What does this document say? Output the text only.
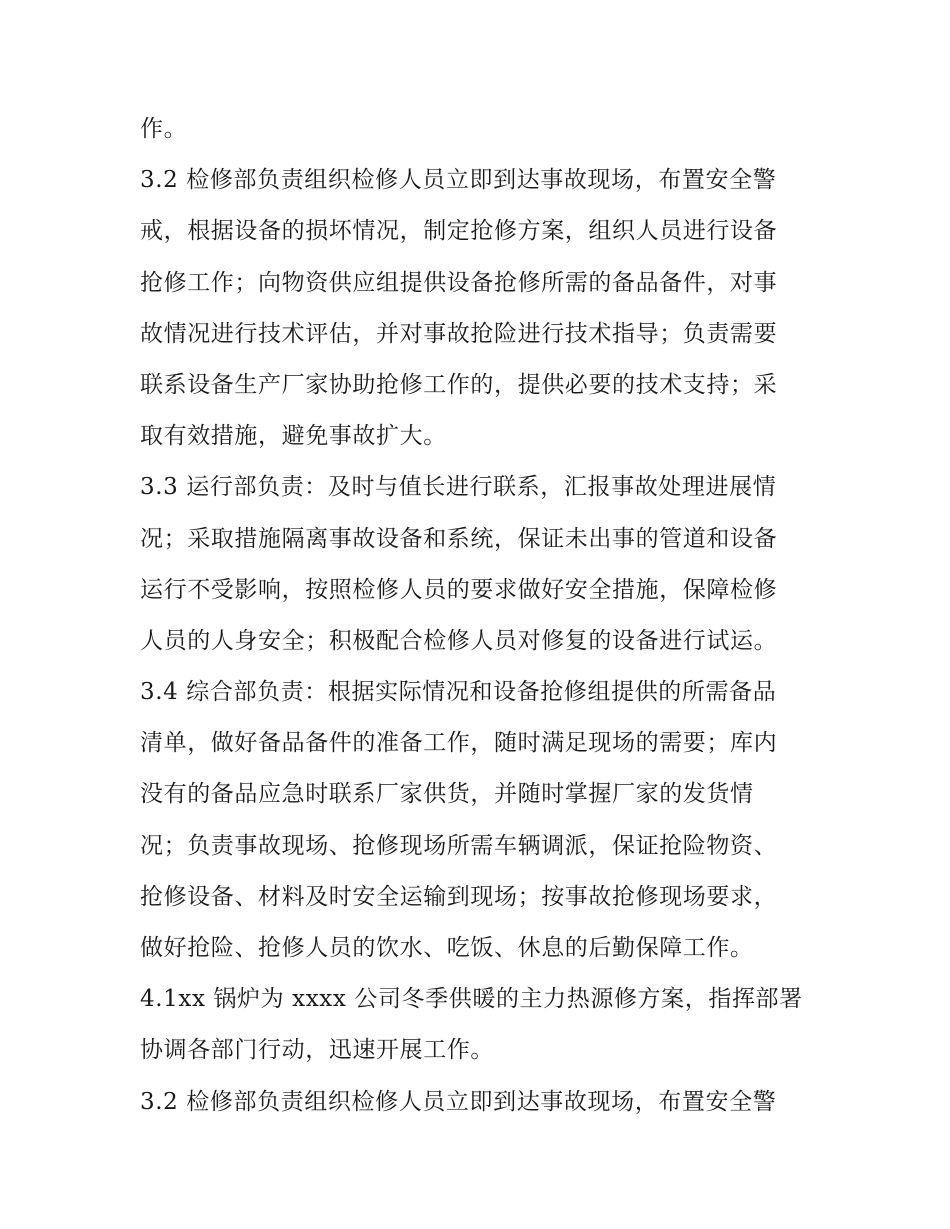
作。
3.2 检修部负责组织检修人员立即到达事故现场，布置安全警
戒，根据设备的损坏情况，制定抢修方案，组织人员进行设备
抢修工作；向物资供应组提供设备抢修所需的备品备件，对事
故情况进行技术评估，并对事故抢险进行技术指导；负责需要
联系设备生产厂家协助抢修工作的，提供必要的技术支持；采
取有效措施，避免事故扩大。
3.3 运行部负责：及时与值长进行联系，汇报事故处理进展情
况；采取措施隔离事故设备和系统，保证未出事的管道和设备
运行不受影响，按照检修人员的要求做好安全措施，保障检修
人员的人身安全；积极配合检修人员对修复的设备进行试运。
3.4 综合部负责：根据实际情况和设备抢修组提供的所需备品
清单，做好备品备件的准备工作，随时满足现场的需要；库内
没有的备品应急时联系厂家供货，并随时掌握厂家的发货情
况；负责事故现场、抢修现场所需车辆调派，保证抢险物资、
抢修设备、材料及时安全运输到现场；按事故抢修现场要求，
做好抢险、抢修人员的饮水、吃饭、休息的后勤保障工作。
4.1xx 锅炉为 xxxx 公司冬季供暖的主力热源修方案，指挥部署
协调各部门行动，迅速开展工作。
3.2 检修部负责组织检修人员立即到达事故现场，布置安全警
